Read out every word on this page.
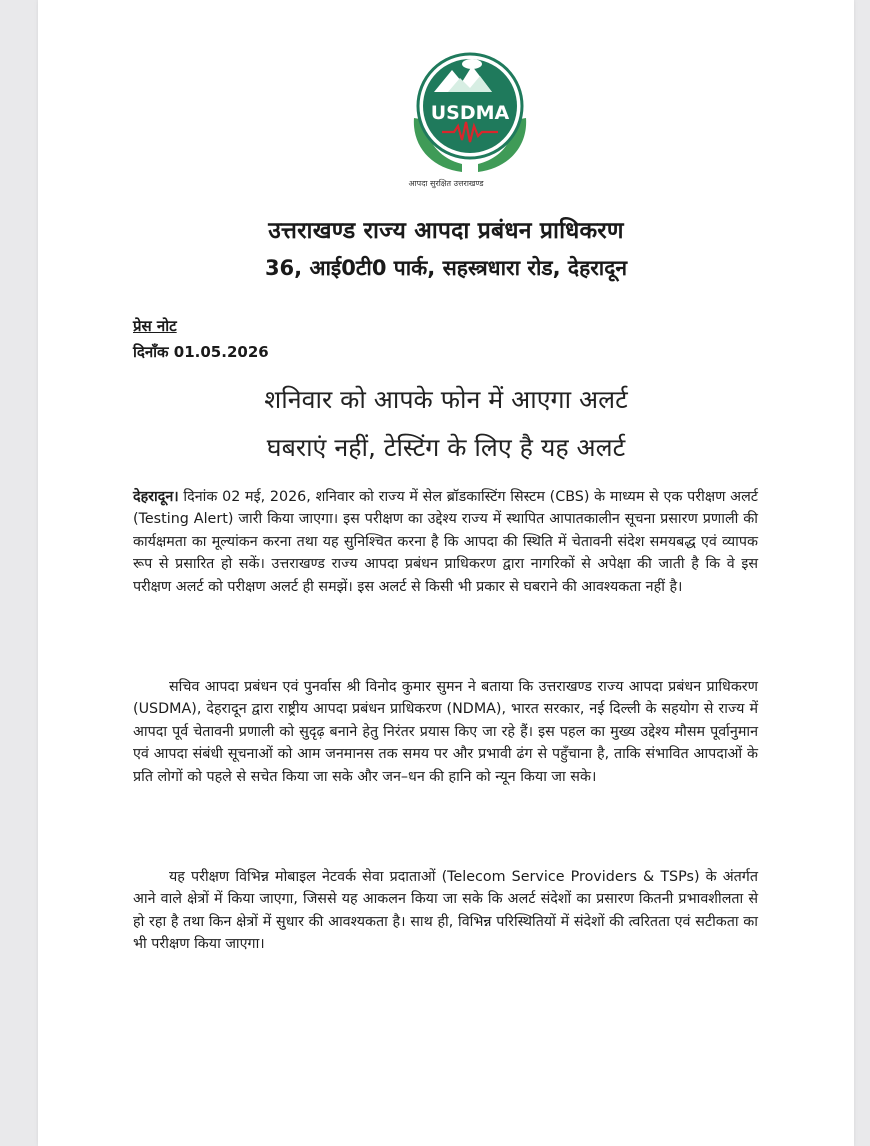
USDMA
आपदा सुरक्षित उत्तराखण्ड
उत्तराखण्ड राज्य आपदा प्रबंधन प्राधिकरण
36, आई0टी0 पार्क, सहस्त्रधारा रोड, देहरादून
प्रेस नोट
दिनाँक 01.05.2026
शनिवार को आपके फोन में आएगा अलर्ट
घबराएं नहीं, टेस्टिंग के लिए है यह अलर्ट
देहरादून। दिनांक 02 मई, 2026, शनिवार को राज्य में सेल ब्रॉडकास्टिंग सिस्टम (CBS) के माध्यम से एक परीक्षण अलर्ट (Testing Alert) जारी किया जाएगा। इस परीक्षण का उद्देश्य राज्य में स्थापित आपातकालीन सूचना प्रसारण प्रणाली की कार्यक्षमता का मूल्यांकन करना तथा यह सुनिश्चित करना है कि आपदा की स्थिति में चेतावनी संदेश समयबद्ध एवं व्यापक रूप से प्रसारित हो सकें। उत्तराखण्ड राज्य आपदा प्रबंधन प्राधिकरण द्वारा नागरिकों से अपेक्षा की जाती है कि वे इस परीक्षण अलर्ट को परीक्षण अलर्ट ही समझें। इस अलर्ट से किसी भी प्रकार से घबराने की आवश्यकता नहीं है।
सचिव आपदा प्रबंधन एवं पुनर्वास श्री विनोद कुमार सुमन ने बताया कि उत्तराखण्ड राज्य आपदा प्रबंधन प्राधिकरण (USDMA), देहरादून द्वारा राष्ट्रीय आपदा प्रबंधन प्राधिकरण (NDMA), भारत सरकार, नई दिल्ली के सहयोग से राज्य में आपदा पूर्व चेतावनी प्रणाली को सुदृढ़ बनाने हेतु निरंतर प्रयास किए जा रहे हैं। इस पहल का मुख्य उद्देश्य मौसम पूर्वानुमान एवं आपदा संबंधी सूचनाओं को आम जनमानस तक समय पर और प्रभावी ढंग से पहुँचाना है, ताकि संभावित आपदाओं के प्रति लोगों को पहले से सचेत किया जा सके और जन–धन की हानि को न्यून किया जा सके।
यह परीक्षण विभिन्न मोबाइल नेटवर्क सेवा प्रदाताओं (Telecom Service Providers & TSPs) के अंतर्गत आने वाले क्षेत्रों में किया जाएगा, जिससे यह आकलन किया जा सके कि अलर्ट संदेशों का प्रसारण कितनी प्रभावशीलता से हो रहा है तथा किन क्षेत्रों में सुधार की आवश्यकता है। साथ ही, विभिन्न परिस्थितियों में संदेशों की त्वरितता एवं सटीकता का भी परीक्षण किया जाएगा।
